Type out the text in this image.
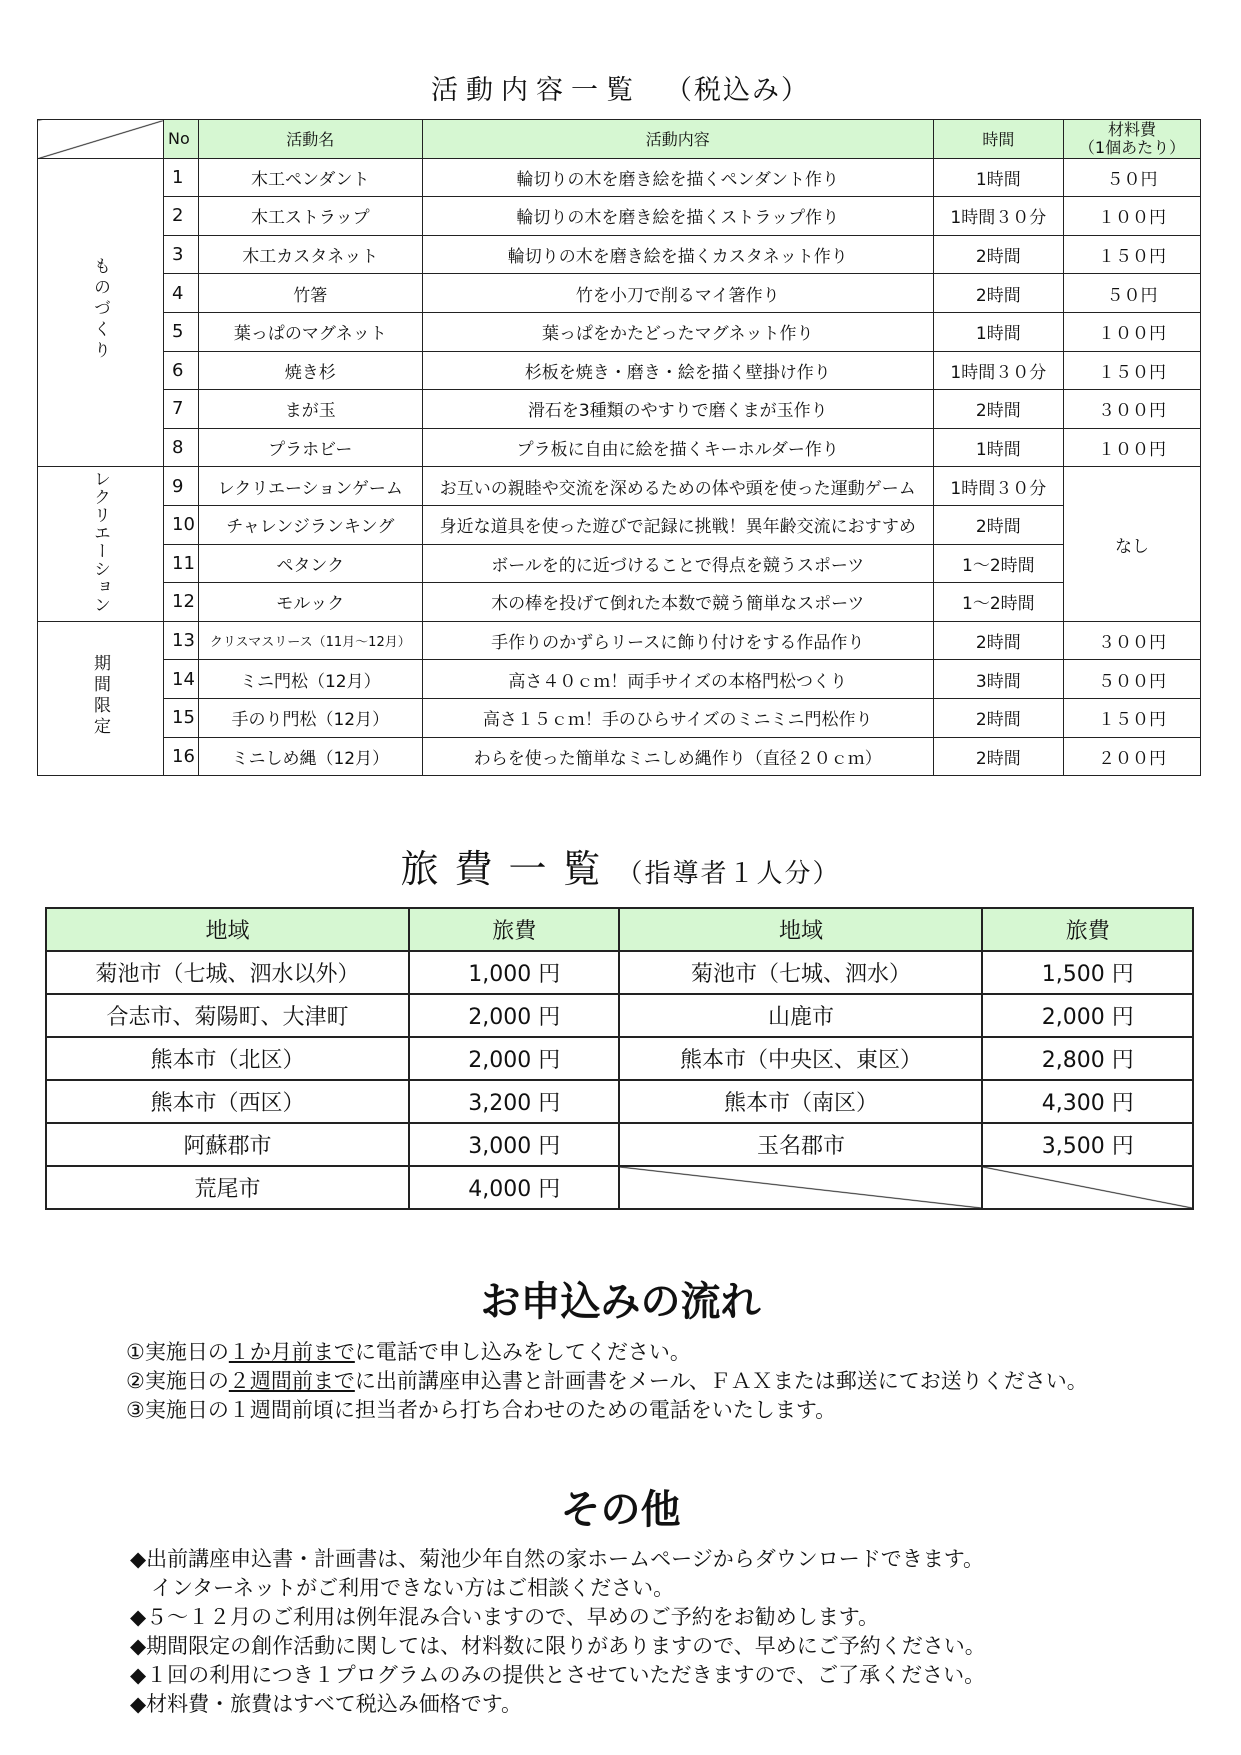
活動内容一覧 （税込み）
	No	活動名	活動内容	時間	材料費
（1個あたり）
ものづくり	1	木工ペンダント	輪切りの木を磨き絵を描くペンダント作り	1時間	５０円
	2	木工ストラップ	輪切りの木を磨き絵を描くストラップ作り	1時間３０分	１００円
	3	木工カスタネット	輪切りの木を磨き絵を描くカスタネット作り	2時間	１５０円
	4	竹箸	竹を小刀で削るマイ箸作り	2時間	５０円
	5	葉っぱのマグネット	葉っぱをかたどったマグネット作り	1時間	１００円
	6	焼き杉	杉板を焼き・磨き・絵を描く壁掛け作り	1時間３０分	１５０円
	7	まが玉	滑石を3種類のやすりで磨くまが玉作り	2時間	３００円
	8	プラホビー	プラ板に自由に絵を描くキーホルダー作り	1時間	１００円
レクリエーション	9	レクリエーションゲーム	お互いの親睦や交流を深めるための体や頭を使った運動ゲーム	1時間３０分	なし
	10	チャレンジランキング	身近な道具を使った遊びで記録に挑戦！異年齢交流におすすめ	2時間	
	11	ペタンク	ボールを的に近づけることで得点を競うスポーツ	1～2時間	
	12	モルック	木の棒を投げて倒れた本数で競う簡単なスポーツ	1～2時間	
期間限定	13	クリスマスリース（11月～12月）	手作りのかずらリースに飾り付けをする作品作り	2時間	３００円
	14	ミニ門松（12月）	高さ４０ｃｍ！両手サイズの本格門松つくり	3時間	５００円
	15	手のり門松（12月）	高さ１５ｃｍ！手のひらサイズのミニミニ門松作り	2時間	１５０円
	16	ミニしめ縄（12月）	わらを使った簡単なミニしめ縄作り（直径２０ｃｍ）	2時間	２００円
旅費一覧（指導者１人分）
地域	旅費	地域	旅費
菊池市（七城、泗水以外）	1,000 円	菊池市（七城、泗水）	1,500 円
合志市、菊陽町、大津町	2,000 円	山鹿市	2,000 円
熊本市（北区）	2,000 円	熊本市（中央区、東区）	2,800 円
熊本市（西区）	3,200 円	熊本市（南区）	4,300 円
阿蘇郡市	3,000 円	玉名郡市	3,500 円
荒尾市	4,000 円		
お申込みの流れ
①実施日の１か月前までに電話で申し込みをしてください。
②実施日の２週間前までに出前講座申込書と計画書をメール、ＦＡＸまたは郵送にてお送りください。
③実施日の１週間前頃に担当者から打ち合わせのための電話をいたします。
その他
◆出前講座申込書・計画書は、菊池少年自然の家ホームページからダウンロードできます。
　インターネットがご利用できない方はご相談ください。
◆５～１２月のご利用は例年混み合いますので、早めのご予約をお勧めします。
◆期間限定の創作活動に関しては、材料数に限りがありますので、早めにご予約ください。
◆１回の利用につき１プログラムのみの提供とさせていただきますので、ご了承ください。
◆材料費・旅費はすべて税込み価格です。
